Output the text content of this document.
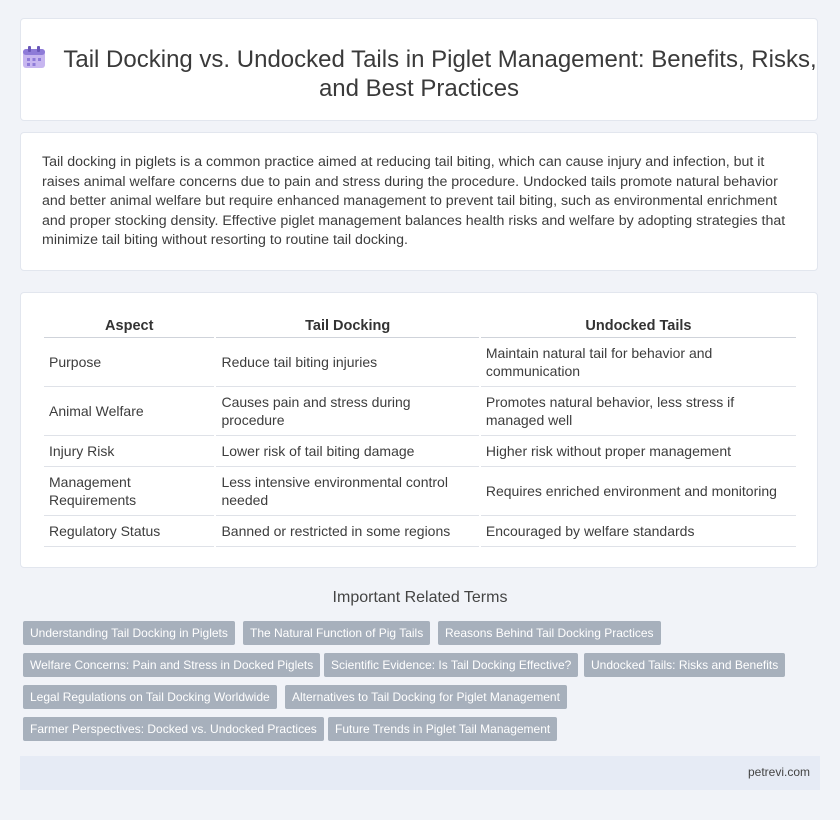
Tail Docking vs. Undocked Tails in Piglet Management: Benefits, Risks, and Best Practices

Tail docking in piglets is a common practice aimed at reducing tail biting, which can cause injury and infection, but it raises animal welfare concerns due to pain and stress during the procedure. Undocked tails promote natural behavior and better animal welfare but require enhanced management to prevent tail biting, such as environmental enrichment and proper stocking density. Effective piglet management balances health risks and welfare by adopting strategies that minimize tail biting without resorting to routine tail docking.

Aspect	Tail Docking	Undocked Tails
Purpose	Reduce tail biting injuries	Maintain natural tail for behavior and communication
Animal Welfare	Causes pain and stress during procedure	Promotes natural behavior, less stress if managed well
Injury Risk	Lower risk of tail biting damage	Higher risk without proper management
Management Requirements	Less intensive environmental control needed	Requires enriched environment and monitoring
Regulatory Status	Banned or restricted in some regions	Encouraged by welfare standards
Important Related Terms
Understanding Tail Docking in Piglets	The Natural Function of Pig Tails	Reasons Behind Tail Docking Practices
Welfare Concerns: Pain and Stress in Docked Piglets	Scientific Evidence: Is Tail Docking Effective?	Undocked Tails: Risks and Benefits
Legal Regulations on Tail Docking Worldwide	Alternatives to Tail Docking for Piglet Management
Farmer Perspectives: Docked vs. Undocked Practices	Future Trends in Piglet Tail Management
petrevi.com
